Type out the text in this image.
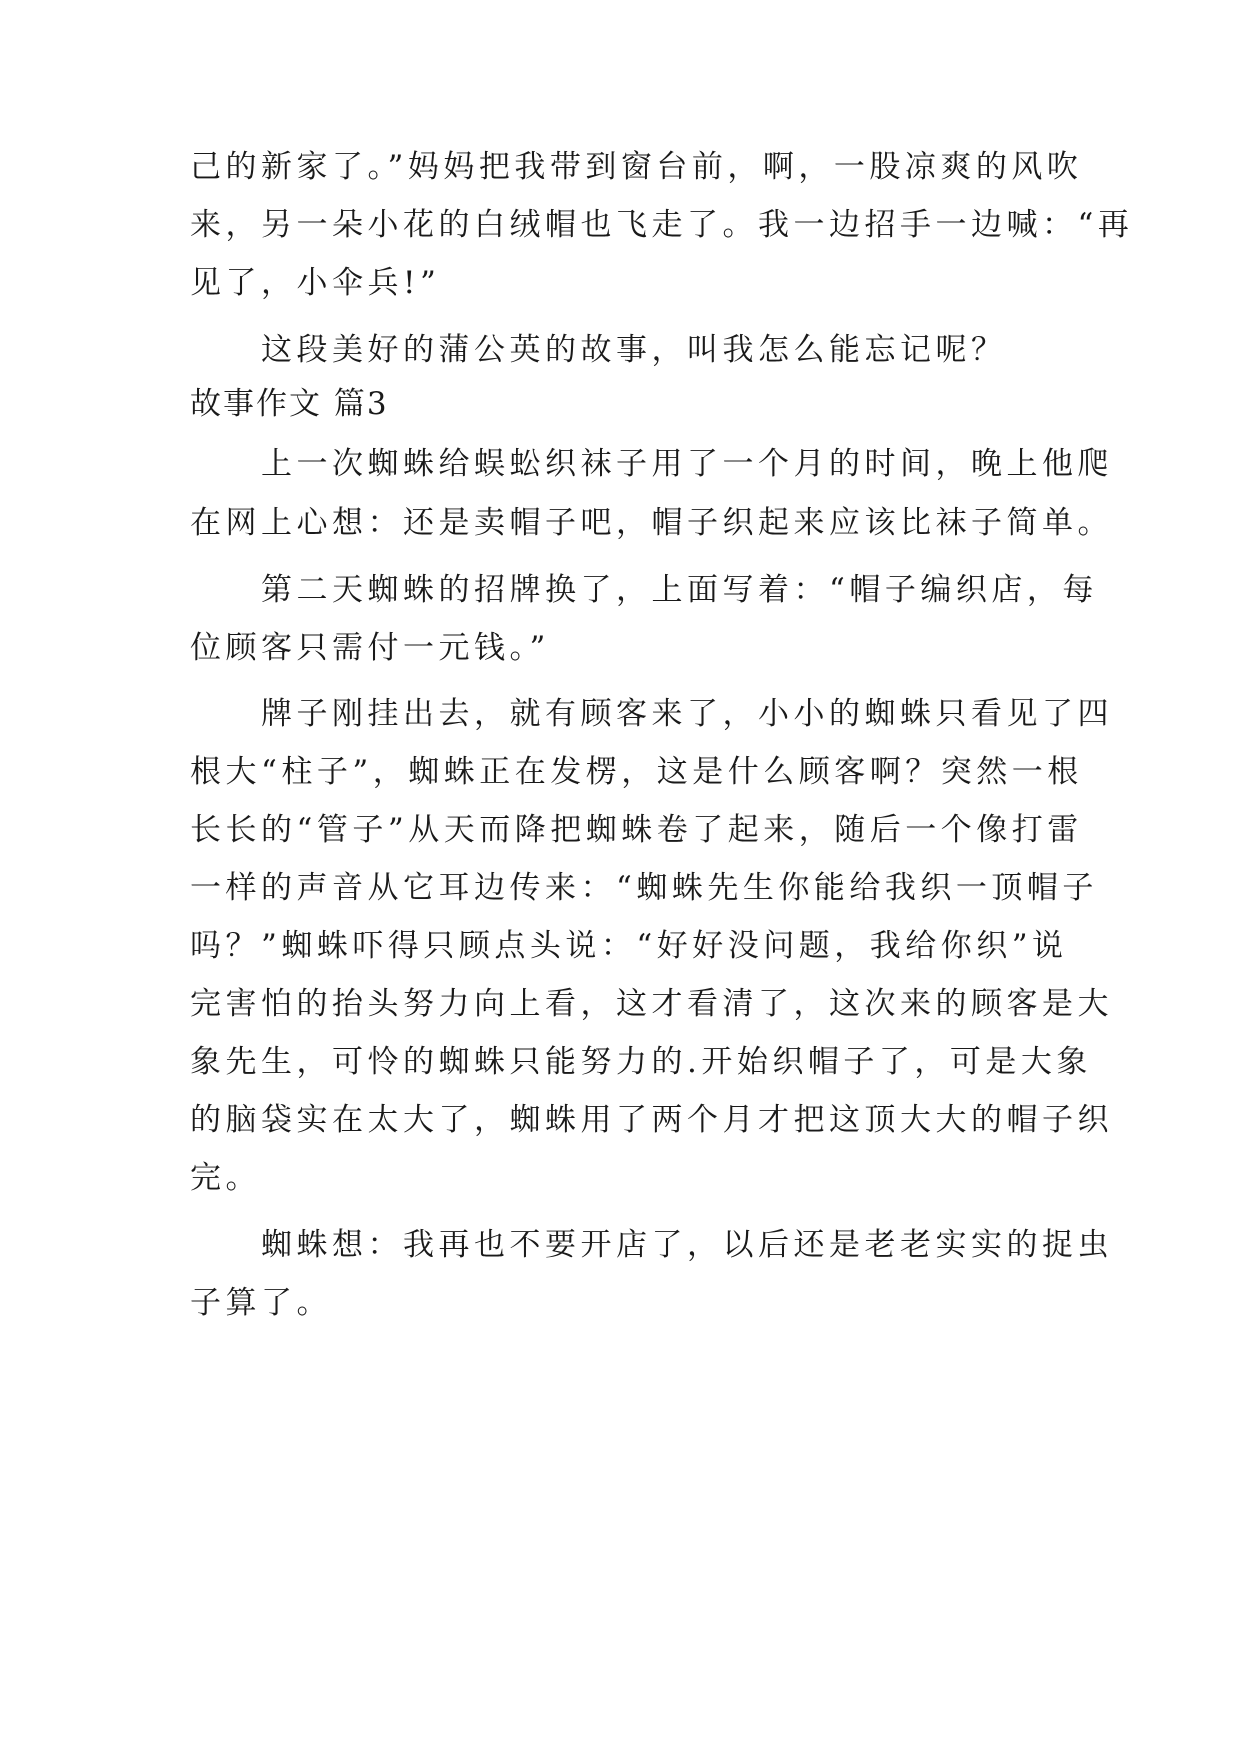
己的新家了。”妈妈把我带到窗台前，啊，一股凉爽的风吹
来，另一朵小花的白绒帽也飞走了。我一边招手一边喊：“再
见了，小伞兵!”
　　这段美好的蒲公英的故事，叫我怎么能忘记呢？
故事作文 篇3
　　上一次蜘蛛给蜈蚣织袜子用了一个月的时间，晚上他爬
在网上心想：还是卖帽子吧，帽子织起来应该比袜子简单。
　　第二天蜘蛛的招牌换了，上面写着：“帽子编织店，每
位顾客只需付一元钱。”
　　牌子刚挂出去，就有顾客来了，小小的蜘蛛只看见了四
根大“柱子”，蜘蛛正在发楞，这是什么顾客啊？突然一根
长长的“管子”从天而降把蜘蛛卷了起来，随后一个像打雷
一样的声音从它耳边传来：“蜘蛛先生你能给我织一顶帽子
吗？”蜘蛛吓得只顾点头说：“好好没问题，我给你织”说
完害怕的抬头努力向上看，这才看清了，这次来的顾客是大
象先生，可怜的蜘蛛只能努力的.开始织帽子了，可是大象
的脑袋实在太大了，蜘蛛用了两个月才把这顶大大的帽子织
完。
　　蜘蛛想：我再也不要开店了，以后还是老老实实的捉虫
子算了。
